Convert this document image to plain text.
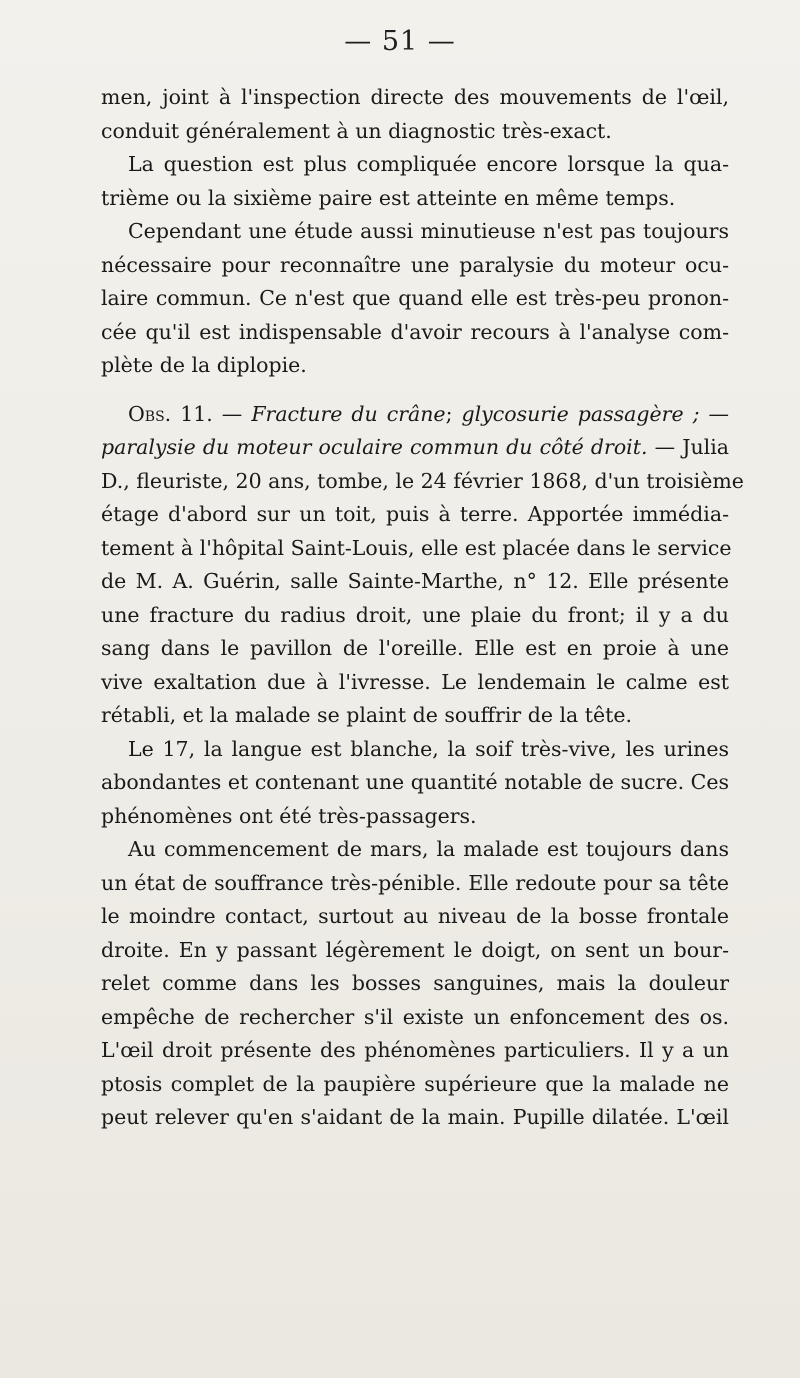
— 51 —
men, joint à l'inspection directe des mouvements de l'œil,
conduit généralement à un diagnostic très-exact.
La question est plus compliquée encore lorsque la qua-
trième ou la sixième paire est atteinte en même temps.
Cependant une étude aussi minutieuse n'est pas toujours
nécessaire pour reconnaître une paralysie du moteur ocu-
laire commun. Ce n'est que quand elle est très-peu pronon-
cée qu'il est indispensable d'avoir recours à l'analyse com-
plète de la diplopie.
Obs. 11. — Fracture du crâne; glycosurie passagère ; —
paralysie du moteur oculaire commun du côté droit. — Julia
D., fleuriste, 20 ans, tombe, le 24 février 1868, d'un troisième
étage d'abord sur un toit, puis à terre. Apportée immédia-
tement à l'hôpital Saint-Louis, elle est placée dans le service
de M. A. Guérin, salle Sainte-Marthe, n° 12. Elle présente
une fracture du radius droit, une plaie du front; il y a du
sang dans le pavillon de l'oreille. Elle est en proie à une
vive exaltation due à l'ivresse. Le lendemain le calme est
rétabli, et la malade se plaint de souffrir de la tête.
Le 17, la langue est blanche, la soif très-vive, les urines
abondantes et contenant une quantité notable de sucre. Ces
phénomènes ont été très-passagers.
Au commencement de mars, la malade est toujours dans
un état de souffrance très-pénible. Elle redoute pour sa tête
le moindre contact, surtout au niveau de la bosse frontale
droite. En y passant légèrement le doigt, on sent un bour-
relet comme dans les bosses sanguines, mais la douleur
empêche de rechercher s'il existe un enfoncement des os.
L'œil droit présente des phénomènes particuliers. Il y a un
ptosis complet de la paupière supérieure que la malade ne
peut relever qu'en s'aidant de la main. Pupille dilatée. L'œil
